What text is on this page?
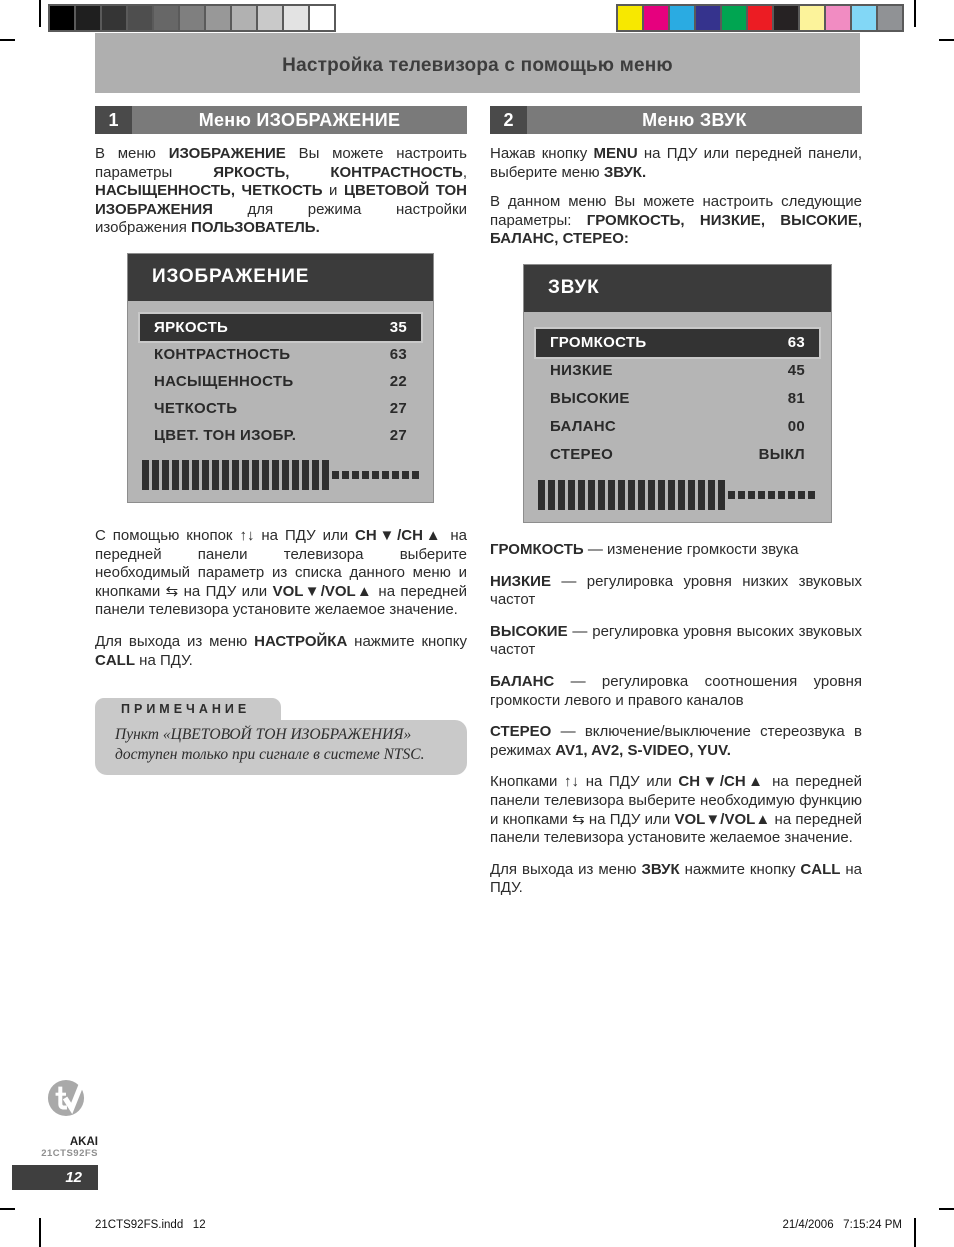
Настройка телевизора с помощью меню
1	Меню ИЗОБРАЖЕНИЕ

В меню ИЗОБРАЖЕНИЕ Вы можете настроить параметры ЯРКОСТЬ, КОНТРАСТНОСТЬ, НАСЫЩЕННОСТЬ, ЧЕТКОСТЬ и ЦВЕТОВОЙ ТОН ИЗОБРАЖЕНИЯ для режима настройки изображения ПОЛЬЗОВАТЕЛЬ.

ИЗОБРАЖЕНИЕ
ЯРКОСТЬ	35
КОНТРАСТНОСТЬ	63
НАСЫЩЕННОСТЬ	22
ЧЕТКОСТЬ	27
ЦВЕТ. ТОН ИЗОБР.	27

С помощью кнопок ↑↓ на ПДУ или CH▼/CH▲ на передней панели телевизора выберите необходимый параметр из списка данного меню и кнопками ⇆ на ПДУ или VOL▼/VOL▲ на передней панели телевизора установите желаемое значение.

Для выхода из меню НАСТРОЙКА нажмите кнопку CALL на ПДУ.

ПРИМЕЧАНИЕ
Пункт «ЦВЕТОВОЙ ТОН ИЗОБРАЖЕНИЯ» доступен только при сигнале в системе NTSC.
2	Меню ЗВУК

Нажав кнопку MENU на ПДУ или передней панели, выберите меню ЗВУК.

В данном меню Вы можете настроить следующие параметры: ГРОМКОСТЬ, НИЗКИЕ, ВЫСОКИЕ, БАЛАНС, СТЕРЕО:

ЗВУК
ГРОМКОСТЬ	63
НИЗКИЕ	45
ВЫСОКИЕ	81
БАЛАНС	00
СТЕРЕО	ВЫКЛ

ГРОМКОСТЬ — изменение громкости звука

НИЗКИЕ — регулировка уровня низких звуковых частот

ВЫСОКИЕ — регулировка уровня высоких звуковых частот

БАЛАНС — регулировка соотношения уровня громкости левого и правого каналов

СТЕРЕО — включение/выключение стереозвука в режимах AV1, AV2, S-VIDEO, YUV.

Кнопками ↑↓ на ПДУ или CH▼/CH▲ на передней панели телевизора выберите необходимую функцию и кнопками ⇆ на ПДУ или VOL▼/VOL▲ на передней панели телевизора установите желаемое значение.

Для выхода из меню ЗВУК нажмите кнопку CALL на ПДУ.

AKAI
21CTS92FS
12
21CTS92FS.indd   12	21/4/2006   7:15:24 PM
